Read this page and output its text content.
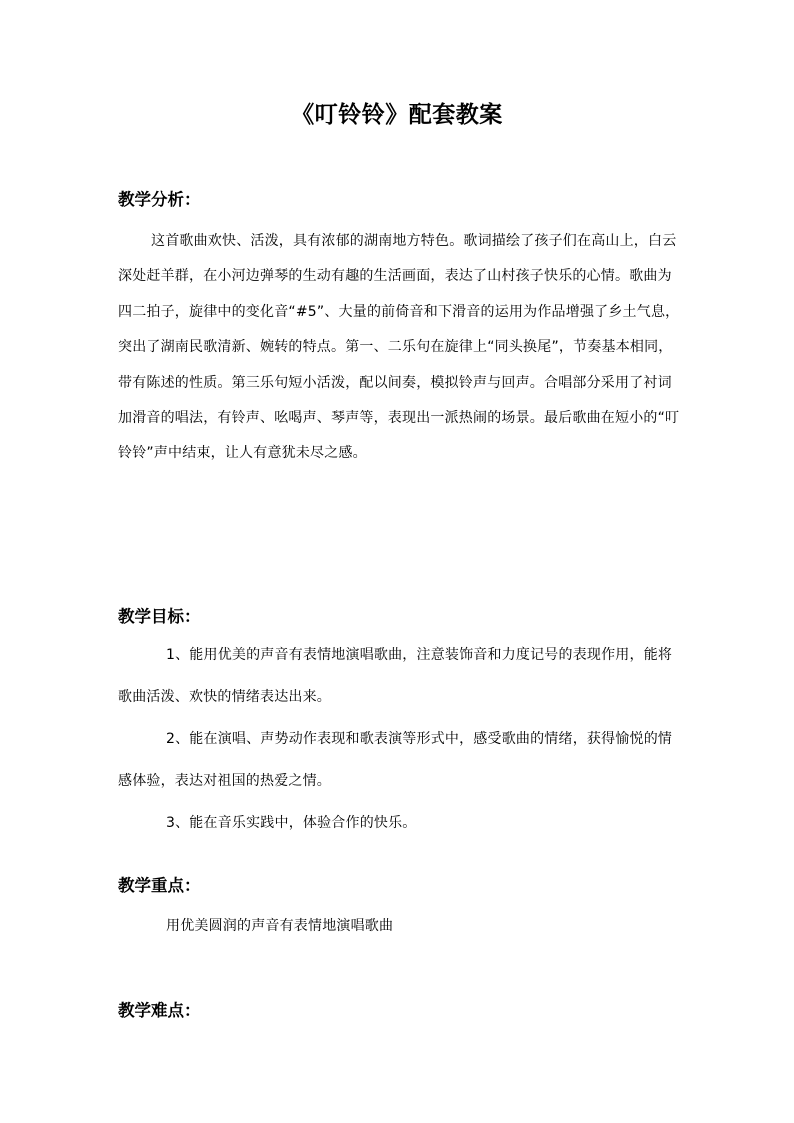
《叮铃铃》配套教案
教学分析：

这首歌曲欢快、活泼，具有浓郁的湖南地方特色。歌词描绘了孩子们在高山上，白云深处赶羊群，在小河边弹琴的生动有趣的生活画面，表达了山村孩子快乐的心情。歌曲为四二拍子，旋律中的变化音“#5”、大量的前倚音和下滑音的运用为作品增强了乡土气息，突出了湖南民歌清新、婉转的特点。第一、二乐句在旋律上“同头换尾”，节奏基本相同，带有陈述的性质。第三乐句短小活泼，配以间奏，模拟铃声与回声。合唱部分采用了衬词加滑音的唱法，有铃声、吆喝声、琴声等，表现出一派热闹的场景。最后歌曲在短小的“叮铃铃”声中结束，让人有意犹未尽之感。

教学目标：

1、能用优美的声音有表情地演唱歌曲，注意装饰音和力度记号的表现作用，能将歌曲活泼、欢快的情绪表达出来。

2、能在演唱、声势动作表现和歌表演等形式中，感受歌曲的情绪，获得愉悦的情感体验，表达对祖国的热爱之情。

3、能在音乐实践中，体验合作的快乐。

教学重点：

用优美圆润的声音有表情地演唱歌曲

教学难点：
